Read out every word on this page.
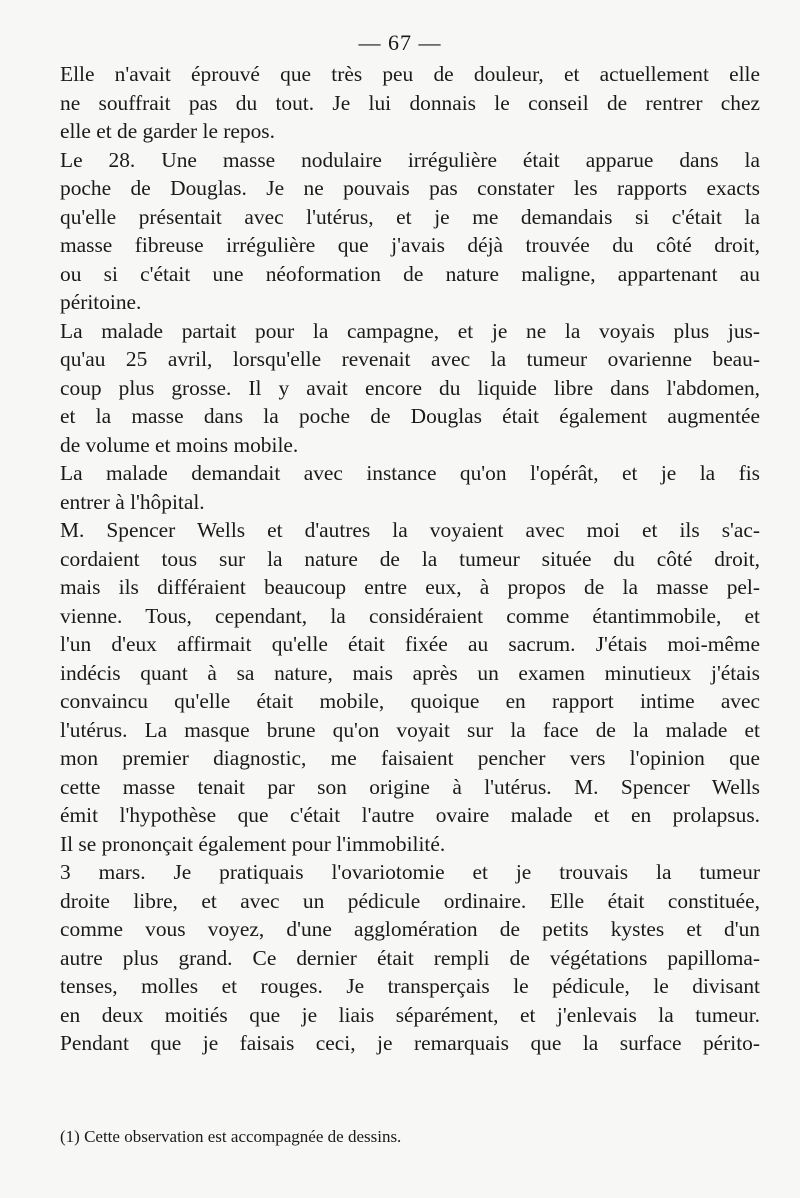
— 67 —
Elle n'avait éprouvé que très peu de douleur, et actuellement elle
ne souffrait pas du tout. Je lui donnais le conseil de rentrer chez
elle et de garder le repos.
Le 28. Une masse nodulaire irrégulière était apparue dans la
poche de Douglas. Je ne pouvais pas constater les rapports exacts
qu'elle présentait avec l'utérus, et je me demandais si c'était la
masse fibreuse irrégulière que j'avais déjà trouvée du côté droit,
ou si c'était une néoformation de nature maligne, appartenant au
péritoine.
La malade partait pour la campagne, et je ne la voyais plus jus-
qu'au 25 avril, lorsqu'elle revenait avec la tumeur ovarienne beau-
coup plus grosse. Il y avait encore du liquide libre dans l'abdomen,
et la masse dans la poche de Douglas était également augmentée
de volume et moins mobile.
La malade demandait avec instance qu'on l'opérât, et je la fis
entrer à l'hôpital.
M. Spencer Wells et d'autres la voyaient avec moi et ils s'ac-
cordaient tous sur la nature de la tumeur située du côté droit,
mais ils différaient beaucoup entre eux, à propos de la masse pel-
vienne. Tous, cependant, la considéraient comme étantimmobile, et
l'un d'eux affirmait qu'elle était fixée au sacrum. J'étais moi-même
indécis quant à sa nature, mais après un examen minutieux j'étais
convaincu qu'elle était mobile, quoique en rapport intime avec
l'utérus. La masque brune qu'on voyait sur la face de la malade et
mon premier diagnostic, me faisaient pencher vers l'opinion que
cette masse tenait par son origine à l'utérus. M. Spencer Wells
émit l'hypothèse que c'était l'autre ovaire malade et en prolapsus.
Il se prononçait également pour l'immobilité.
3 mars. Je pratiquais l'ovariotomie et je trouvais la tumeur
droite libre, et avec un pédicule ordinaire. Elle était constituée,
comme vous voyez, d'une agglomération de petits kystes et d'un
autre plus grand. Ce dernier était rempli de végétations papilloma-
tenses, molles et rouges. Je transperçais le pédicule, le divisant
en deux moitiés que je liais séparément, et j'enlevais la tumeur.
Pendant que je faisais ceci, je remarquais que la surface périto-
(1) Cette observation est accompagnée de dessins.
